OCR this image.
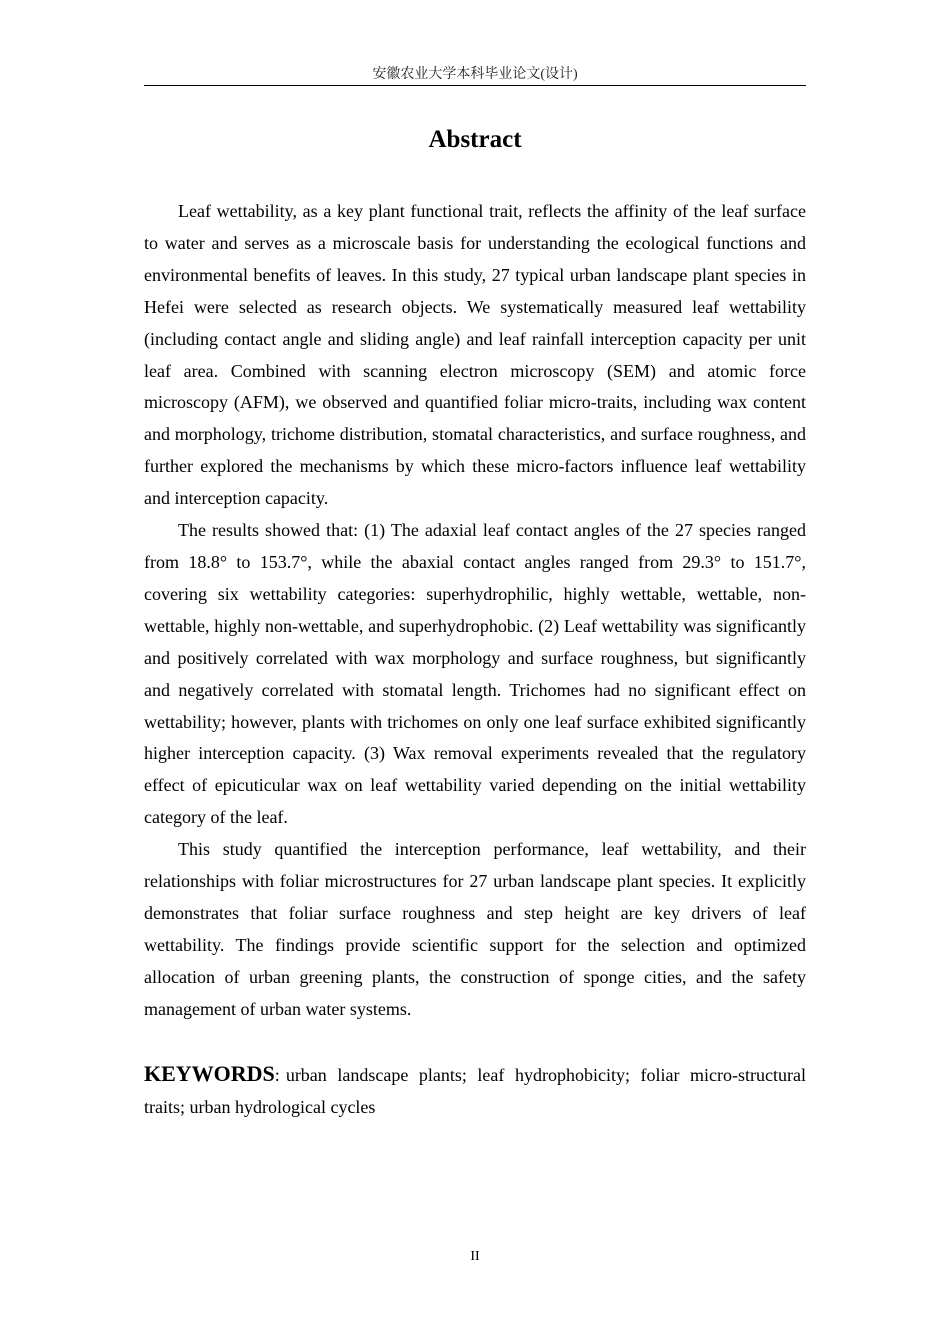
安徽农业大学本科毕业论文(设计)
Abstract

Leaf wettability, as a key plant functional trait, reflects the affinity of the leaf surface to water and serves as a microscale basis for understanding the ecological functions and environmental benefits of leaves. In this study, 27 typical urban landscape plant species in Hefei were selected as research objects. We systematically measured leaf wettability (including contact angle and sliding angle) and leaf rainfall interception capacity per unit leaf area. Combined with scanning electron microscopy (SEM) and atomic force microscopy (AFM), we observed and quantified foliar micro-traits, including wax content and morphology, trichome distribution, stomatal characteristics, and surface roughness, and further explored the mechanisms by which these micro-factors influence leaf wettability and interception capacity.

The results showed that: (1) The adaxial leaf contact angles of the 27 species ranged from 18.8° to 153.7°, while the abaxial contact angles ranged from 29.3° to 151.7°, covering six wettability categories: superhydrophilic, highly wettable, wettable, non-wettable, highly non-wettable, and superhydrophobic. (2) Leaf wettability was significantly and positively correlated with wax morphology and surface roughness, but significantly and negatively correlated with stomatal length. Trichomes had no significant effect on wettability; however, plants with trichomes on only one leaf surface exhibited significantly higher interception capacity. (3) Wax removal experiments revealed that the regulatory effect of epicuticular wax on leaf wettability varied depending on the initial wettability category of the leaf.

This study quantified the interception performance, leaf wettability, and their relationships with foliar microstructures for 27 urban landscape plant species. It explicitly demonstrates that foliar surface roughness and step height are key drivers of leaf wettability. The findings provide scientific support for the selection and optimized allocation of urban greening plants, the construction of sponge cities, and the safety management of urban water systems.

KEYWORDS: urban landscape plants; leaf hydrophobicity; foliar micro-structural traits; urban hydrological cycles
II
